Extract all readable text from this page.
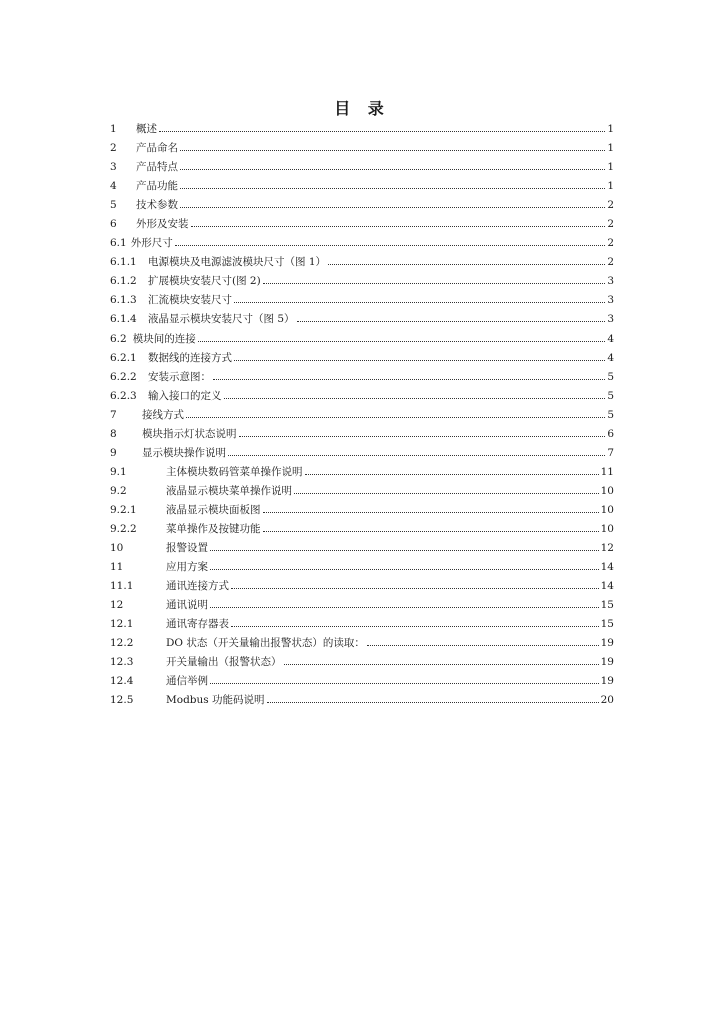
目 录
1	概述	1
2	产品命名	1
3	产品特点	1
4	产品功能	1
5	技术参数	2
6	外形及安装	2
6.1 外形尺寸	2
6.1.1	电源模块及电源滤波模块尺寸（图 1）	2
6.1.2	扩展模块安装尺寸(图 2)	3
6.1.3	汇流模块安装尺寸	3
6.1.4	液晶显示模块安装尺寸（图 5）	3
6.2 模块间的连接	4
6.2.1	数据线的连接方式	4
6.2.2	安装示意图：	5
6.2.3	输入接口的定义	5
7	接线方式	5
8	模块指示灯状态说明	6
9	显示模块操作说明	7
9.1	主体模块数码管菜单操作说明	11
9.2	液晶显示模块菜单操作说明	10
9.2.1	液晶显示模块面板图	10
9.2.2	菜单操作及按键功能	10
10	报警设置	12
11	应用方案	14
11.1	通讯连接方式	14
12	通讯说明	15
12.1	通讯寄存器表	15
12.2	DO 状态（开关量输出报警状态）的读取：	19
12.3	开关量输出（报警状态）	19
12.4	通信举例	19
12.5	Modbus 功能码说明	20
